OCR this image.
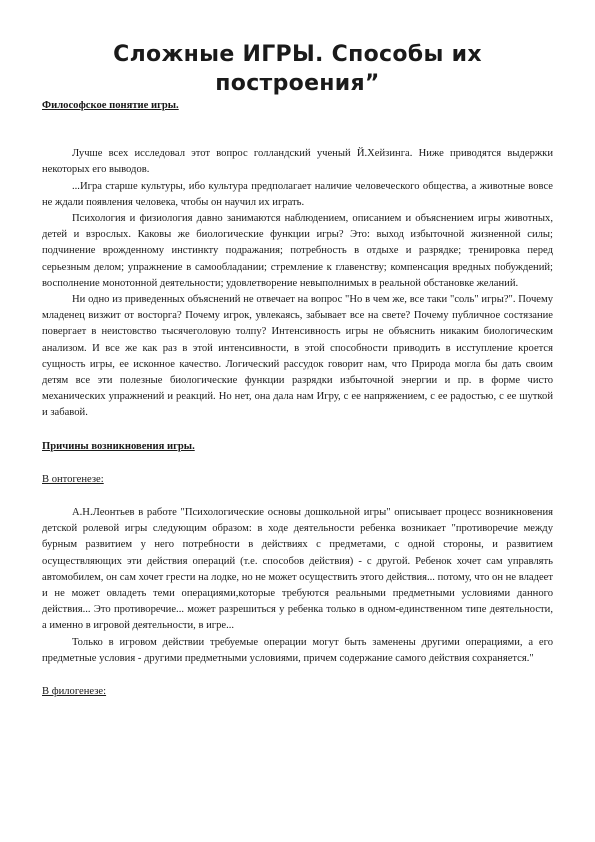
Сложные ИГРЫ. Способы их построения”

Философское понятие игры.

Лучше всех исследовал этот вопрос голландский ученый Й.Хейзинга. Ниже приводятся выдержки некоторых его выводов.

...Игра старше культуры, ибо культура предполагает наличие человеческого общества, а животные вовсе не ждали появления человека, чтобы он научил их играть.

Психология и физиология давно занимаются наблюдением, описанием и объяснением игры животных, детей и взрослых. Каковы же биологические функции игры? Это: выход избыточной жизненной силы; подчинение врожденному инстинкту подражания; потребность в отдыхе и разрядке; тренировка перед серьезным делом; упражнение в самообладании; стремление к главенству; компенсация вредных побуждений; восполнение монотонной деятельности; удовлетворение невыполнимых в реальной обстановке желаний.

Ни одно из приведенных объяснений не отвечает на вопрос "Но в чем же, все таки "соль" игры?". Почему младенец визжит от восторга? Почему игрок, увлекаясь, забывает все на свете? Почему публичное состязание повергает в неистовство тысячеголовую толпу? Интенсивность игры не объяснить никаким биологическим анализом. И все же как раз в этой интенсивности, в этой способности приводить в исступление кроется сущность игры, ее исконное качество. Логический рассудок говорит нам, что Природа могла бы дать своим детям все эти полезные биологические функции разрядки избыточной энергии и пр. в форме чисто механических упражнений и реакций. Но нет, она дала нам Игру, с ее напряжением, с ее радостью, с ее шуткой и забавой.

Причины возникновения игры.

В онтогенезе:

А.Н.Леонтьев в работе "Психологические основы дошкольной игры" описывает процесс возникновения детской ролевой игры следующим образом: в ходе деятельности ребенка возникает "противоречие между бурным развитием у него потребности в действиях с предметами, с одной стороны, и развитием осуществляющих эти действия операций (т.е. способов действия) - с другой. Ребенок хочет сам управлять автомобилем, он сам хочет грести на лодке, но не может осуществить этого действия... потому, что он не владеет и не может овладеть теми операциями,которые требуются реальными предметными условиями данного действия... Это противоречие... может разрешиться у ребенка только в одном-единственном типе деятельности, а именно в игровой деятельности, в игре...

Только в игровом действии требуемые операции могут быть заменены другими операциями, а его предметные условия - другими предметными условиями, причем содержание самого действия сохраняется."

В филогенезе:
